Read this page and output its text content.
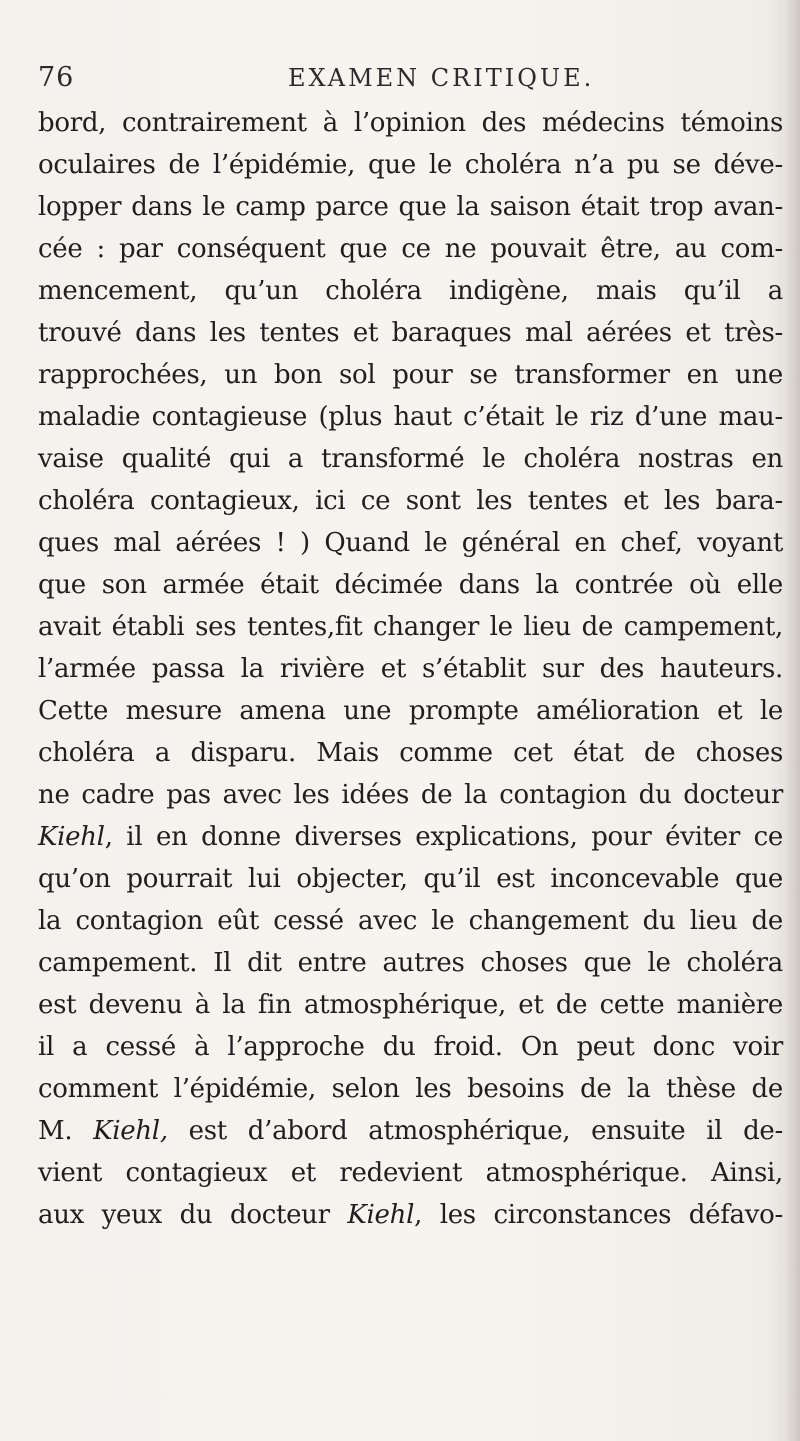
76	EXAMEN CRITIQUE.
bord, contrairement à l’opinion des médecins témoins
oculaires de l’épidémie, que le choléra n’a pu se déve-
lopper dans le camp parce que la saison était trop avan-
cée : par conséquent que ce ne pouvait être, au com-
mencement, qu’un choléra indigène, mais qu’il a
trouvé dans les tentes et baraques mal aérées et très-
rapprochées, un bon sol pour se transformer en une
maladie contagieuse (plus haut c’était le riz d’une mau-
vaise qualité qui a transformé le choléra nostras en
choléra contagieux, ici ce sont les tentes et les bara-
ques mal aérées ! ) Quand le général en chef, voyant
que son armée était décimée dans la contrée où elle
avait établi ses tentes,fit changer le lieu de campement,
l’armée passa la rivière et s’établit sur des hauteurs.
Cette mesure amena une prompte amélioration et le
choléra a disparu. Mais comme cet état de choses
ne cadre pas avec les idées de la contagion du docteur
Kiehl, il en donne diverses explications, pour éviter ce
qu’on pourrait lui objecter, qu’il est inconcevable que
la contagion eût cessé avec le changement du lieu de
campement. Il dit entre autres choses que le choléra
est devenu à la fin atmosphérique, et de cette manière
il a cessé à l’approche du froid. On peut donc voir
comment l’épidémie, selon les besoins de la thèse de
M. Kiehl, est d’abord atmosphérique, ensuite il de-
vient contagieux et redevient atmosphérique. Ainsi,
aux yeux du docteur Kiehl, les circonstances défavo-
